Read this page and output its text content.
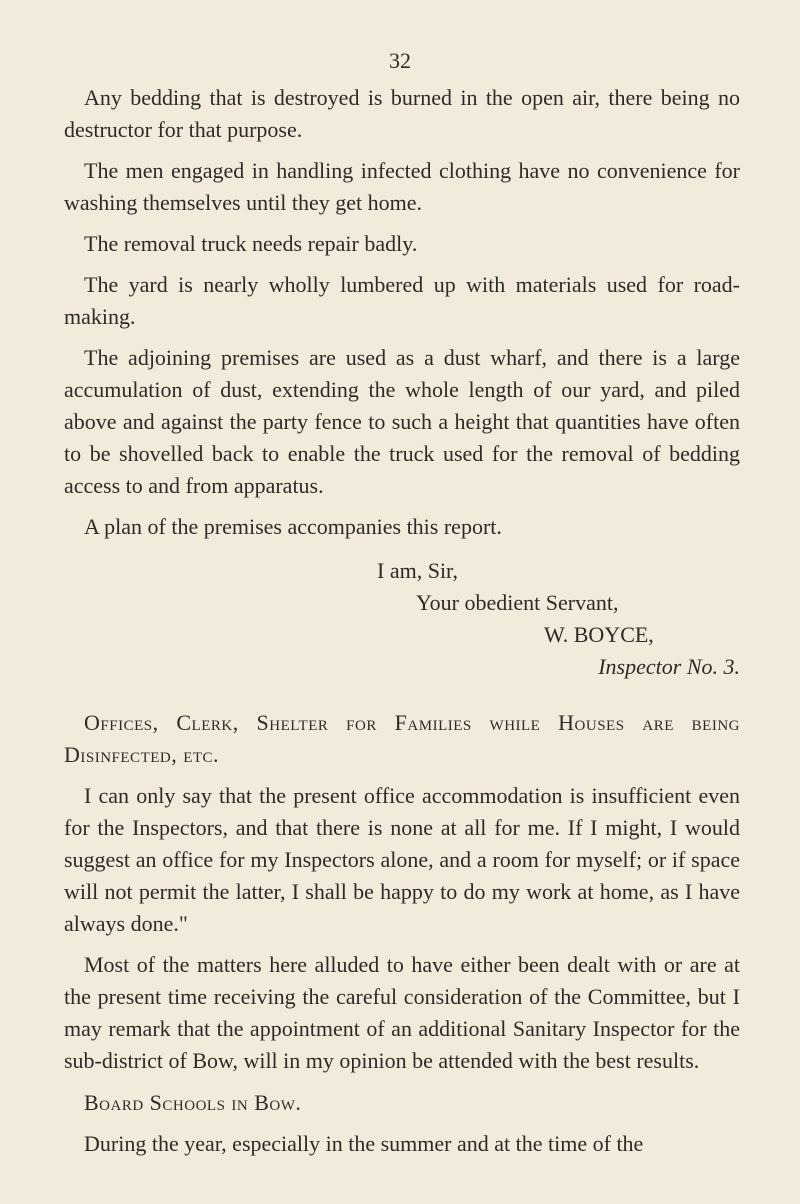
32

Any bedding that is destroyed is burned in the open air, there being no destructor for that purpose.

The men engaged in handling infected clothing have no convenience for washing themselves until they get home.

The removal truck needs repair badly.

The yard is nearly wholly lumbered up with materials used for road-making.

The adjoining premises are used as a dust wharf, and there is a large accumulation of dust, extending the whole length of our yard, and piled above and against the party fence to such a height that quantities have often to be shovelled back to enable the truck used for the removal of bedding access to and from apparatus.

A plan of the premises accompanies this report.

I am, Sir,

Your obedient Servant,

W. BOYCE,

Inspector No. 3.

Offices, Clerk, Shelter for Families while Houses are being Disinfected, etc.

I can only say that the present office accommodation is insufficient even for the Inspectors, and that there is none at all for me. If I might, I would suggest an office for my Inspectors alone, and a room for myself; or if space will not permit the latter, I shall be happy to do my work at home, as I have always done."

Most of the matters here alluded to have either been dealt with or are at the present time receiving the careful consideration of the Committee, but I may remark that the appointment of an additional Sanitary Inspector for the sub-district of Bow, will in my opinion be attended with the best results.

Board Schools in Bow.

During the year, especially in the summer and at the time of the
